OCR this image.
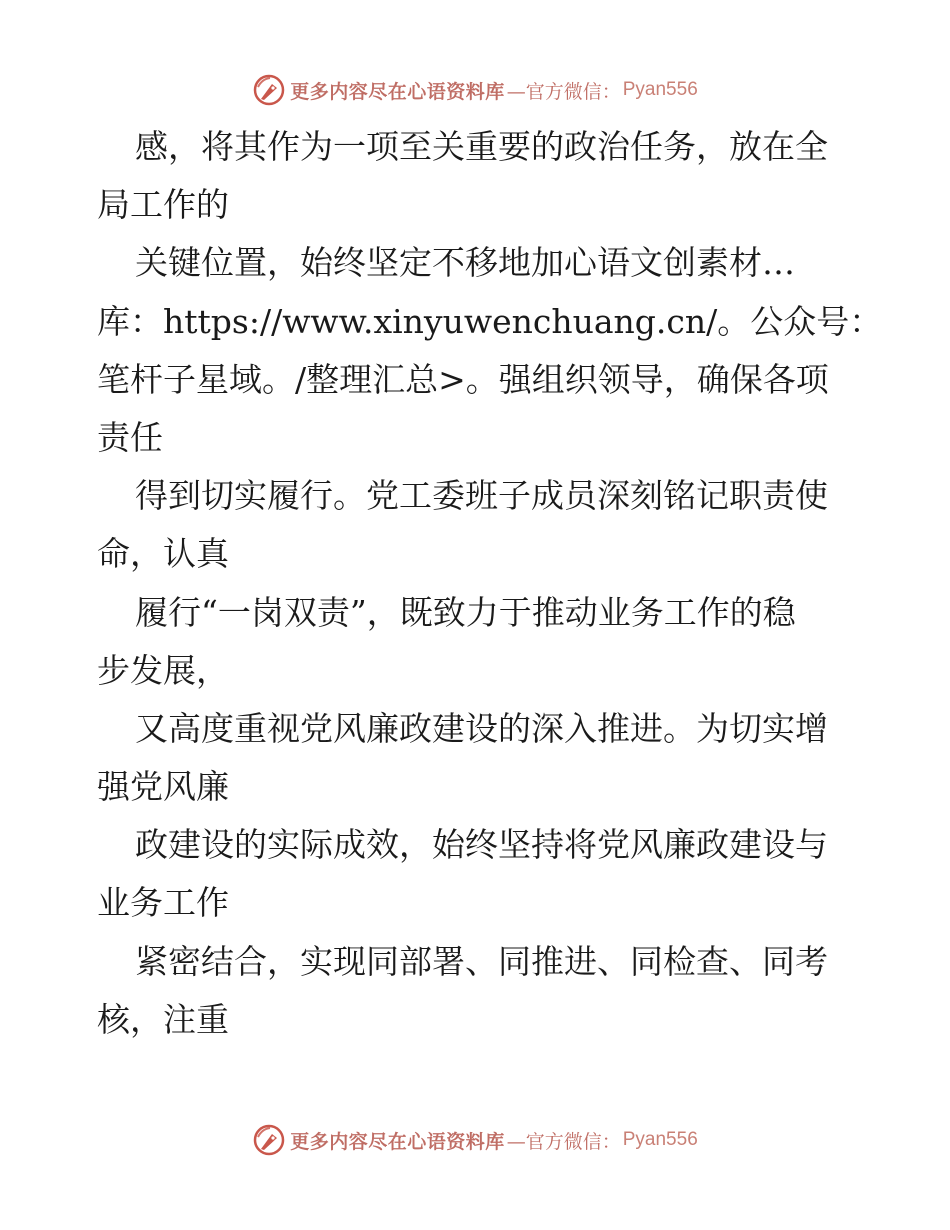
更多内容尽在心语资料库 —官方微信： Pyan556
感，将其作为一项至关重要的政治任务，放在全
局工作的
关键位置，始终坚定不移地加心语文创素材…
库：https://www.xinyuwenchuang.cn/。公众号：
笔杆子星域。/整理汇总>。强组织领导，确保各项
责任
得到切实履行。党工委班子成员深刻铭记职责使
命，认真
履行“一岗双责”，既致力于推动业务工作的稳
步发展，
又高度重视党风廉政建设的深入推进。为切实增
强党风廉
政建设的实际成效，始终坚持将党风廉政建设与
业务工作
紧密结合，实现同部署、同推进、同检查、同考
核，注重
更多内容尽在心语资料库 —官方微信： Pyan556
